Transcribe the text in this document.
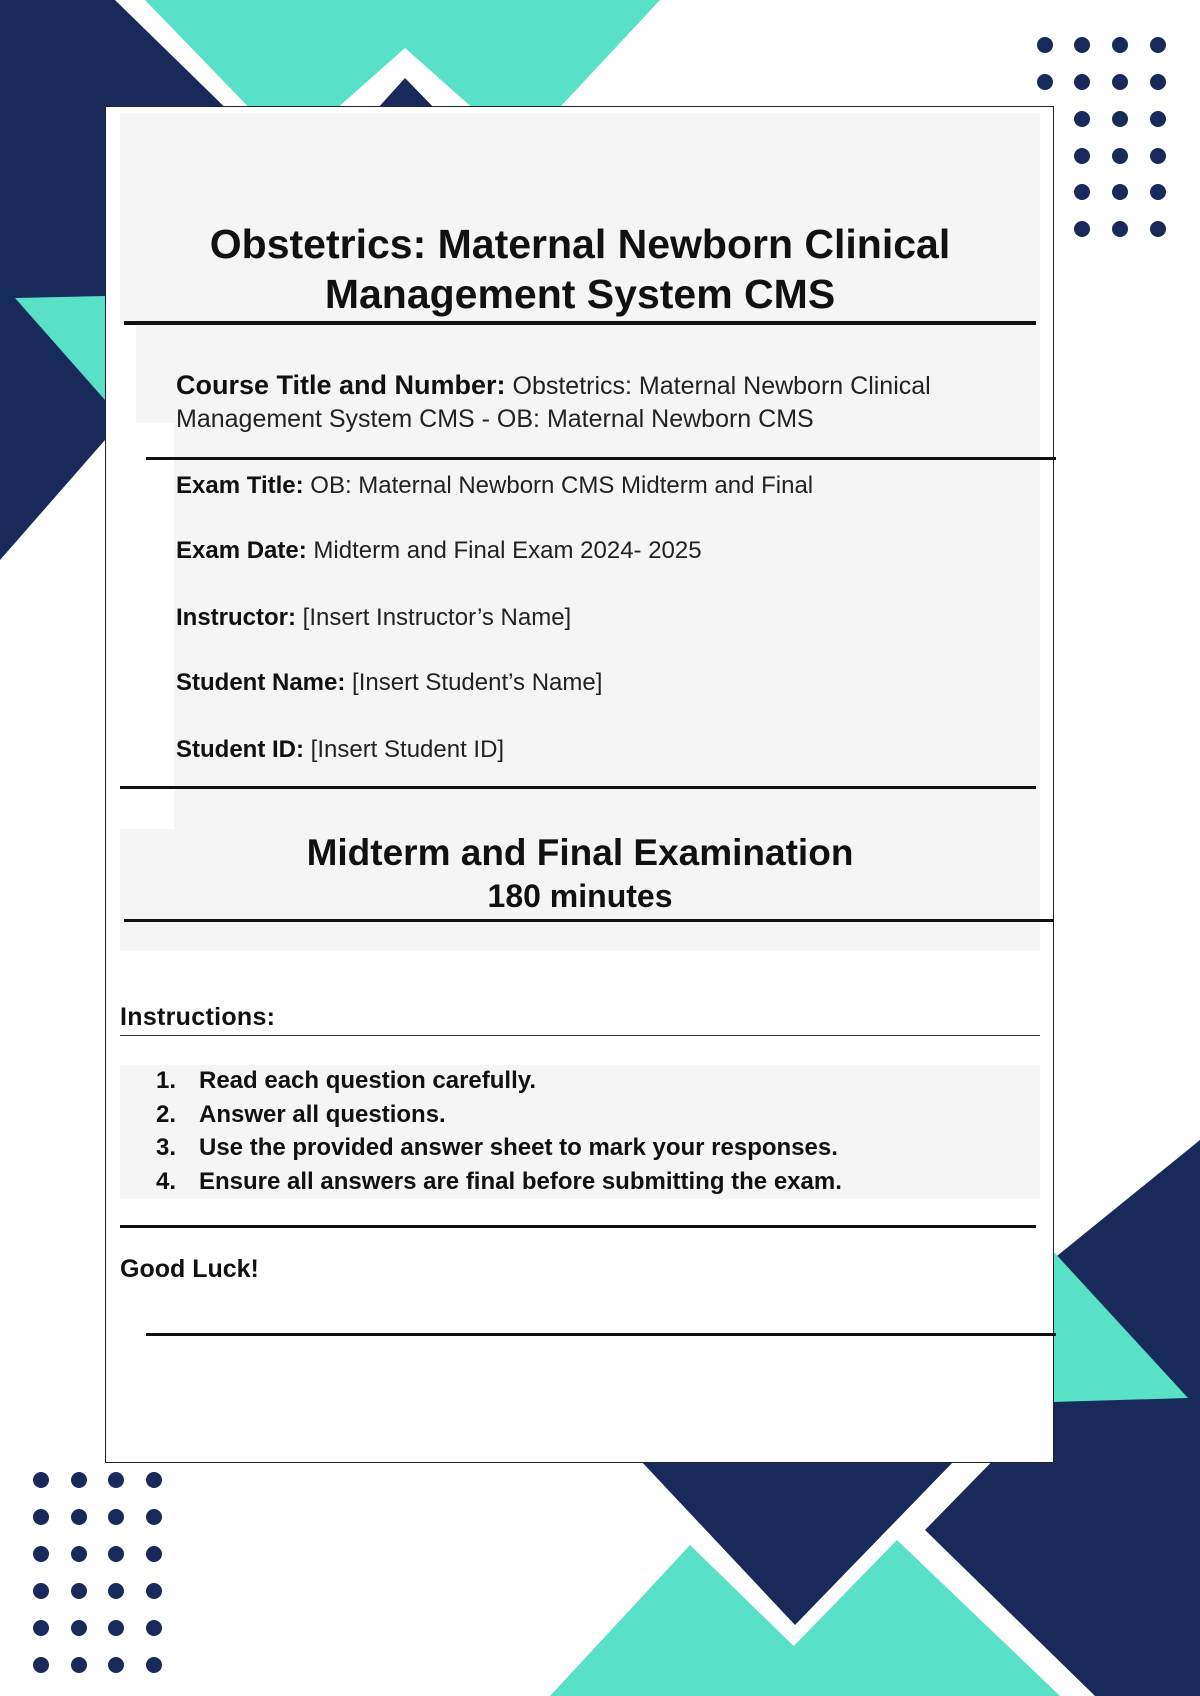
Obstetrics: Maternal Newborn Clinical Management System CMS
Course Title and Number: Obstetrics: Maternal Newborn Clinical Management System CMS - OB: Maternal Newborn CMS
Exam Title: OB: Maternal Newborn CMS Midterm and Final
Exam Date: Midterm and Final Exam 2024- 2025
Instructor: [Insert Instructor’s Name]
Student Name: [Insert Student’s Name]
Student ID: [Insert Student ID]
Midterm and Final Examination
180 minutes
Instructions:
1. Read each question carefully.
2. Answer all questions.
3. Use the provided answer sheet to mark your responses.
4. Ensure all answers are final before submitting the exam.
Good Luck!
